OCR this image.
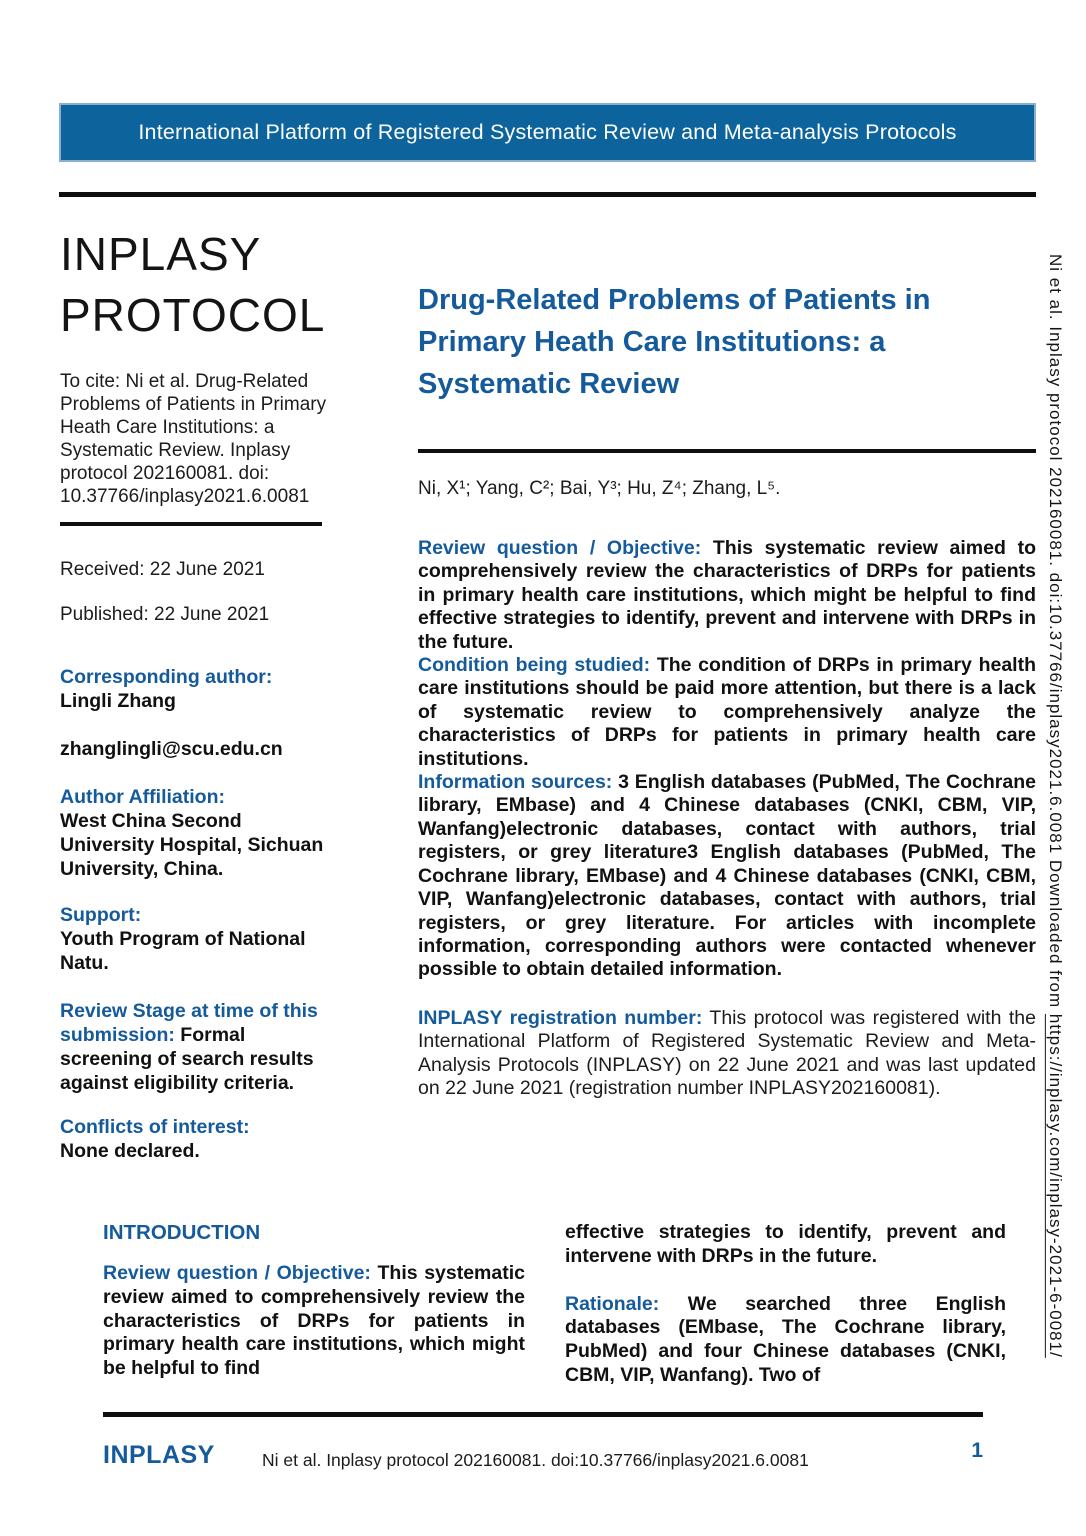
International Platform of Registered Systematic Review and Meta-analysis Protocols
INPLASY
PROTOCOL

To cite: Ni et al. Drug-Related Problems of Patients in Primary Heath Care Institutions: a Systematic Review. Inplasy protocol 202160081. doi: 10.37766/inplasy2021.6.0081

Received: 22 June 2021

Published: 22 June 2021

Corresponding author:
Lingli Zhang
zhanglingli@scu.edu.cn
Author Affiliation:
West China Second University Hospital, Sichuan University, China.
Support:
Youth Program of National Natu.
Review Stage at time of this submission: Formal screening of search results against eligibility criteria.
Conflicts of interest:
None declared.
Drug-Related Problems of Patients in Primary Heath Care Institutions: a Systematic Review

Ni, X¹; Yang, C²; Bai, Y³; Hu, Z⁴; Zhang, L⁵.

Review question / Objective: This systematic review aimed to comprehensively review the characteristics of DRPs for patients in primary health care institutions, which might be helpful to find effective strategies to identify, prevent and intervene with DRPs in the future.

Condition being studied: The condition of DRPs in primary health care institutions should be paid more attention, but there is a lack of systematic review to comprehensively analyze the characteristics of DRPs for patients in primary health care institutions.

Information sources: 3 English databases (PubMed, The Cochrane library, EMbase) and 4 Chinese databases (CNKI, CBM, VIP, Wanfang)electronic databases, contact with authors, trial registers, or grey literature3 English databases (PubMed, The Cochrane library, EMbase) and 4 Chinese databases (CNKI, CBM, VIP, Wanfang)electronic databases, contact with authors, trial registers, or grey literature. For articles with incomplete information, corresponding authors were contacted whenever possible to obtain detailed information.

INPLASY registration number: This protocol was registered with the International Platform of Registered Systematic Review and Meta-Analysis Protocols (INPLASY) on 22 June 2021 and was last updated on 22 June 2021 (registration number INPLASY202160081).

INTRODUCTION

Review question / Objective: This systematic review aimed to comprehensively review the characteristics of DRPs for patients in primary health care institutions, which might be helpful to find

effective strategies to identify, prevent and intervene with DRPs in the future.

Rationale: We searched three English databases (EMbase, The Cochrane library, PubMed) and four Chinese databases (CNKI, CBM, VIP, Wanfang). Two of

INPLASY	Ni et al. Inplasy protocol 202160081. doi:10.37766/inplasy2021.6.0081	1
Ni et al. Inplasy protocol 202160081. doi:10.37766/inplasy2021.6.0081 Downloaded from https://inplasy.com/inplasy-2021-6-0081/
